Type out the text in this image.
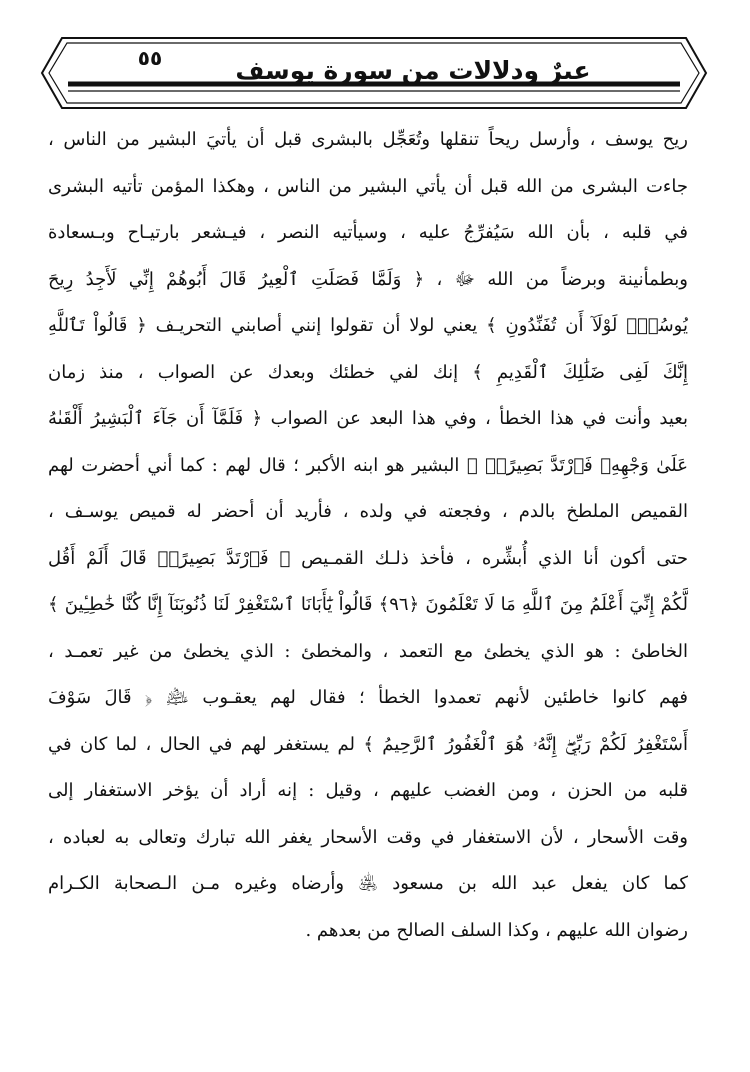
٥٥	عبرٌ ودلالات من سورة يوسف
ريح يوسف ، وأرسل ريحاً تنقلها وتُعَجِّل بالبشرى قبل أن يأتيَ البشير من الناس ،
جاءت البشرى من الله قبل أن يأتي البشير من الناس ، وهكذا المؤمن تأتيه البشرى
في قلبه ، بأن الله سَيُفرِّجُ عليه ، وسيأتيه النصر ، فيـشعر بارتيـاح وبـسعادة
وبطمأنينة وبرضاً من الله ﷻ ، ﴿ وَلَمَّا فَصَلَتِ ٱلْعِيرُ قَالَ أَبُوهُمْ إِنِّي لَأَجِدُ رِيحَ
يُوسُفَۖ لَوْلَآ أَن تُفَنِّدُونِ ﴾ يعني لولا أن تقولوا إنني أصابني التحريـف ﴿ قَالُواْ تَٱللَّهِ
إِنَّكَ لَفِى ضَلَٰلِكَ ٱلْقَدِيمِ ﴾ إنك لفي خطئك وبعدك عن الصواب ، منذ زمان
بعيد وأنت في هذا الخطأ ، وفي هذا البعد عن الصواب ﴿ فَلَمَّآ أَن جَآءَ ٱلْبَشِيرُ أَلْقَىٰهُ
عَلَىٰ وَجْهِهِۦ فَٱرْتَدَّ بَصِيرًاۖ ﴾ البشير هو ابنه الأكبر ؛ قال لهم : كما أني أحضرت لهم
القميص الملطخ بالدم ، وفجعته في ولده ، فأريد أن أحضر له قميص يوسـف ،
حتى أكون أنا الذي أُبشِّره ، فأخذ ذلـك القمـيص ﴿ فَٱرْتَدَّ بَصِيرًاۖ قَالَ أَلَمْ أَقُل
لَّكُمْ إِنِّيٓ أَعْلَمُ مِنَ ٱللَّهِ مَا لَا تَعْلَمُونَ ﴿٩٦﴾ قَالُواْ يَٰٓأَبَانَا ٱسْتَغْفِرْ لَنَا ذُنُوبَنَآ إِنَّا كُنَّا خَٰطِـِٔينَ ﴾
الخاطئ : هو الذي يخطئ مع التعمد ، والمخطئ : الذي يخطئ من غير تعمـد ،
فهم كانوا خاطئين لأنهم تعمدوا الخطأ ؛ فقال لهم يعقـوب ﵇ ﴿ قَالَ سَوْفَ
أَسْتَغْفِرُ لَكُمْ رَبِّيٓۖ إِنَّهُۥ هُوَ ٱلْغَفُورُ ٱلرَّحِيمُ ﴾ لم يستغفر لهم في الحال ، لما كان في
قلبه من الحزن ، ومن الغضب عليهم ، وقيل : إنه أراد أن يؤخر الاستغفار إلى
وقت الأسحار ، لأن الاستغفار في وقت الأسحار يغفر الله تبارك وتعالى به لعباده ،
كما كان يفعل عبد الله بن مسعود ﵁ وأرضاه وغيره مـن الـصحابة الكـرام
رضوان الله عليهم ، وكذا السلف الصالح من بعدهم .
